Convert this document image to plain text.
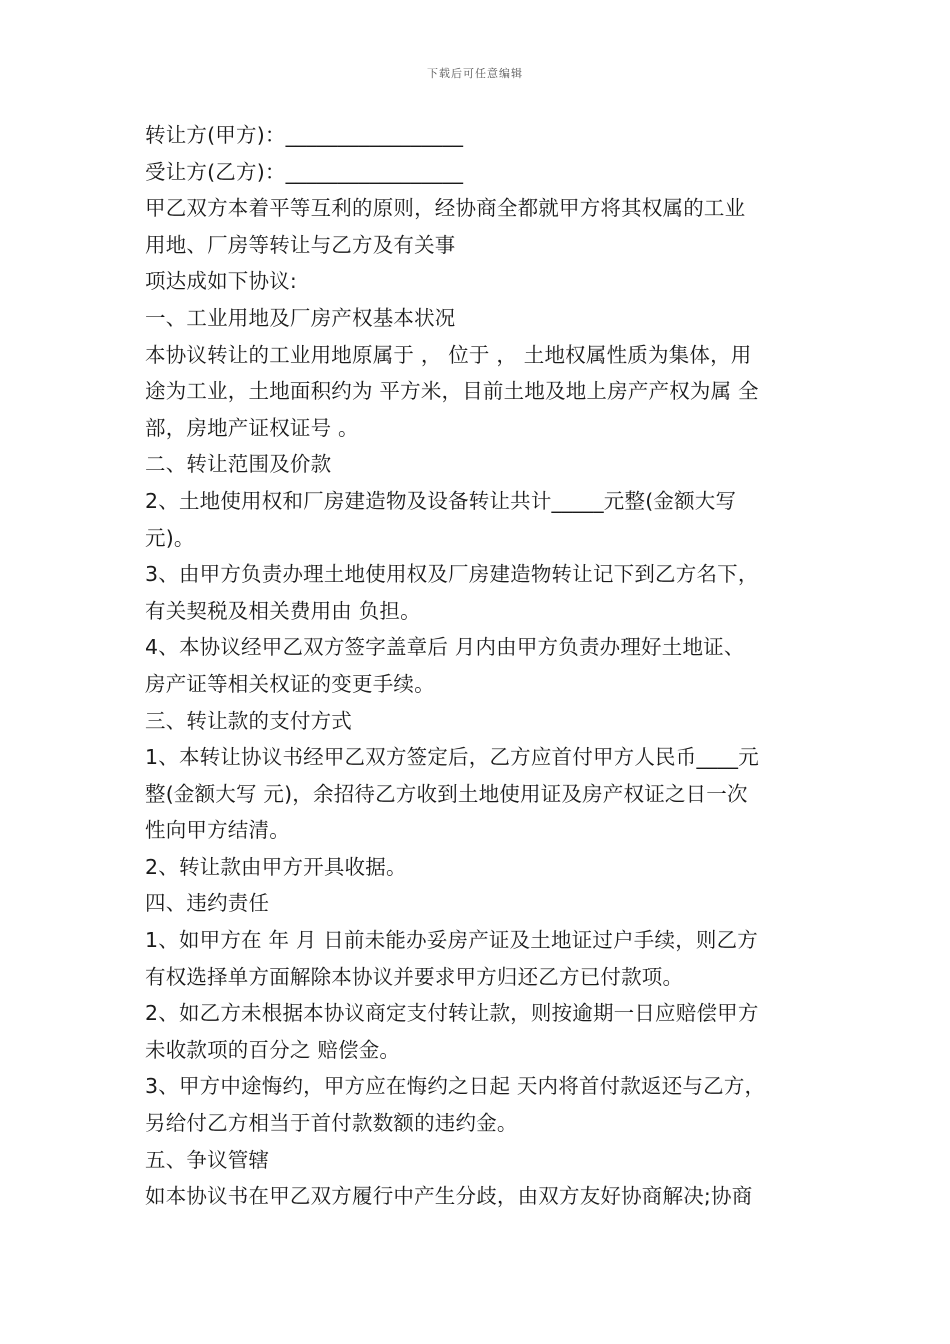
下载后可任意编辑
转让方(甲方)：_________________
受让方(乙方)：_________________
甲乙双方本着平等互利的原则，经协商全都就甲方将其权属的工业
用地、厂房等转让与乙方及有关事
项达成如下协议:
一、工业用地及厂房产权基本状况
本协议转让的工业用地原属于 ， 位于 ， 土地权属性质为集体，用
途为工业，土地面积约为 平方米，目前土地及地上房产产权为属 全
部，房地产证权证号 。
二、转让范围及价款
2、土地使用权和厂房建造物及设备转让共计_____元整(金额大写
元)。
3、由甲方负责办理土地使用权及厂房建造物转让记下到乙方名下，
有关契税及相关费用由 负担。
4、本协议经甲乙双方签字盖章后 月内由甲方负责办理好土地证、
房产证等相关权证的变更手续。
三、转让款的支付方式
1、本转让协议书经甲乙双方签定后，乙方应首付甲方人民币____元
整(金额大写 元)，余招待乙方收到土地使用证及房产权证之日一次
性向甲方结清。
2、转让款由甲方开具收据。
四、违约责任
1、如甲方在 年 月 日前未能办妥房产证及土地证过户手续，则乙方
有权选择单方面解除本协议并要求甲方归还乙方已付款项。
2、如乙方未根据本协议商定支付转让款，则按逾期一日应赔偿甲方
未收款项的百分之 赔偿金。
3、甲方中途悔约，甲方应在悔约之日起 天内将首付款返还与乙方，
另给付乙方相当于首付款数额的违约金。
五、争议管辖
如本协议书在甲乙双方履行中产生分歧，由双方友好协商解决;协商
